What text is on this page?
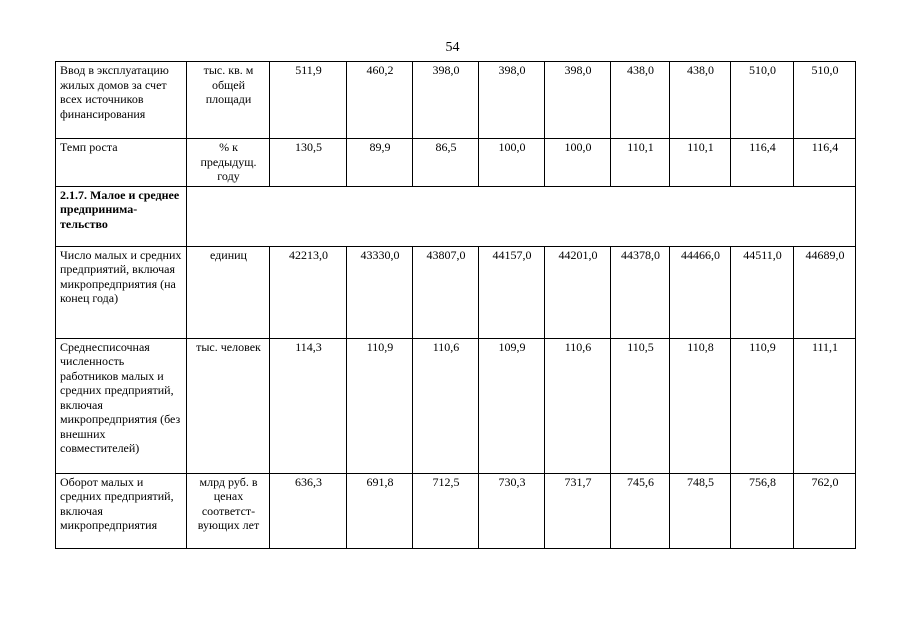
54
Ввод в эксплуатацию жилых домов за счет всех источников финансирования	тыс. кв. м общей площади	511,9	460,2	398,0	398,0	398,0	438,0	438,0	510,0	510,0
Темп роста	% к предыдущ. году	130,5	89,9	86,5	100,0	100,0	110,1	110,1	116,4	116,4
2.1.7. Малое и среднее предпринима-тельство										
Число малых и средних предприятий, включая микропредприятия (на конец года)	единиц	42213,0	43330,0	43807,0	44157,0	44201,0	44378,0	44466,0	44511,0	44689,0
Среднесписочная численность работников малых и средних предприятий, включая микропредприятия (без внешних совместителей)	тыс. человек	114,3	110,9	110,6	109,9	110,6	110,5	110,8	110,9	111,1
Оборот малых и средних предприятий, включая микропредприятия	млрд руб. в ценах соответст-вующих лет	636,3	691,8	712,5	730,3	731,7	745,6	748,5	756,8	762,0
